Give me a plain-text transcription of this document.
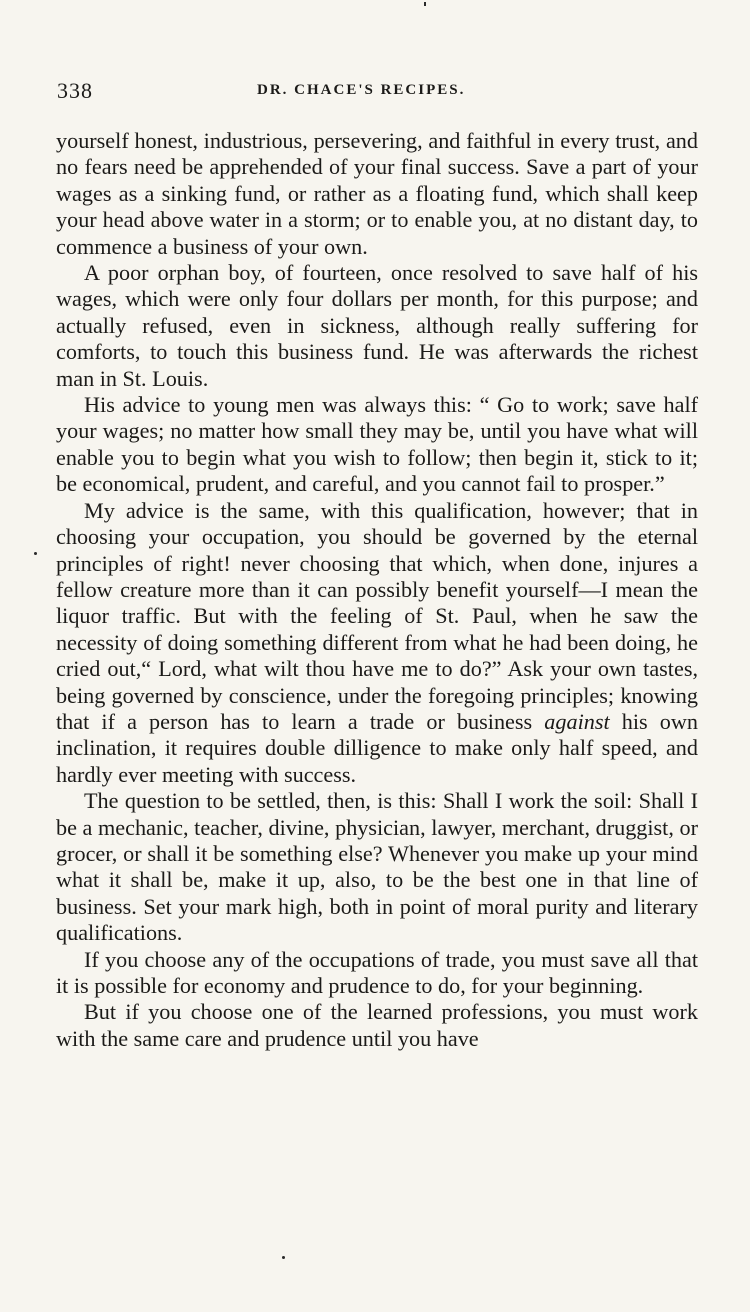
338	DR. CHACE'S RECIPES.

yourself honest, industrious, persevering, and faithful in every trust, and no fears need be apprehended of your final success. Save a part of your wages as a sinking fund, or rather as a floating fund, which shall keep your head above water in a storm; or to enable you, at no distant day, to commence a business of your own.

A poor orphan boy, of fourteen, once resolved to save half of his wages, which were only four dollars per month, for this purpose; and actually refused, even in sickness, although really suffering for comforts, to touch this business fund. He was afterwards the richest man in St. Louis.

His advice to young men was always this: “ Go to work; save half your wages; no matter how small they may be, until you have what will enable you to begin what you wish to follow; then begin it, stick to it; be economical, prudent, and careful, and you cannot fail to prosper.”

My advice is the same, with this qualification, however; that in choosing your occupation, you should be governed by the eternal principles of right! never choosing that which, when done, injures a fellow creature more than it can possibly benefit yourself—I mean the liquor traffic. But with the feeling of St. Paul, when he saw the necessity of doing something different from what he had been doing, he cried out,“ Lord, what wilt thou have me to do?” Ask your own tastes, being governed by conscience, under the foregoing principles; knowing that if a person has to learn a trade or business against his own inclination, it requires double dilligence to make only half speed, and hardly ever meeting with success.

The question to be settled, then, is this: Shall I work the soil: Shall I be a mechanic, teacher, divine, physician, lawyer, merchant, druggist, or grocer, or shall it be something else? Whenever you make up your mind what it shall be, make it up, also, to be the best one in that line of business. Set your mark high, both in point of moral purity and literary qualifications.

If you choose any of the occupations of trade, you must save all that it is possible for economy and prudence to do, for your beginning.

But if you choose one of the learned professions, you must work with the same care and prudence until you have
